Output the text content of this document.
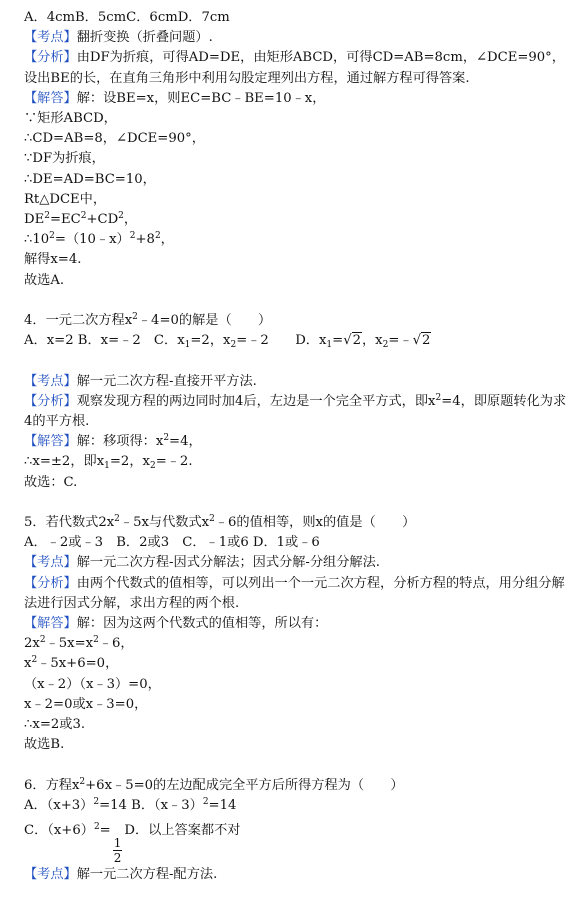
A．4cmB．5cmC．6cmD．7cm
【考点】翻折变换（折叠问题）.
【分析】由DF为折痕，可得AD=DE，由矩形ABCD，可得CD=AB=8cm，∠DCE=90°，设出BE的长，在直角三角形中利用勾股定理列出方程，通过解方程可得答案.
【解答】解：设BE=x，则EC=BC﹣BE=10﹣x，
∵矩形ABCD，
∴CD=AB=8，∠DCE=90°，
∵DF为折痕，
∴DE=AD=BC=10，
Rt△DCE中，
$DE^2=EC^2+CD^2$，
$\therefore 10^2=(10﹣x)^2+8^2$，
解得x=4.
故选A.
4．一元二次方程$x^2﹣4=0$的解是（　　）
A．x=2 B．x=﹣2　C．$x_1=2$，$x_2=﹣2$　　D．$x_1=√2$，$x_2=﹣√2$
【考点】解一元二次方程-直接开平方法.
【分析】观察发现方程的两边同时加4后，左边是一个完全平方式，即$x^2=4$，即原题转化为求4的平方根.
【解答】解：移项得：$x^2=4$，
∴x=±2，即$x_1=2$，$x_2=﹣2$.
故选：C.
5．若代数式$2x^2﹣5x$与代数式$x^2﹣6$的值相等，则x的值是（　　）
A．﹣2或﹣3　B．2或3　C．﹣1或6 D．1或﹣6
【考点】解一元二次方程-因式分解法；因式分解-分组分解法.
【分析】由两个代数式的值相等，可以列出一个一元二次方程，分析方程的特点，用分组分解法进行因式分解，求出方程的两个根.
【解答】解：因为这两个代数式的值相等，所以有：
$2x^2﹣5x=x^2﹣6$，
$x^2﹣5x+6=0$，
（x﹣2）（x﹣3）=0，
x﹣2=0或x﹣3=0，
∴x=2或3.
故选B.
6．方程$x^2+6x﹣5=0$的左边配成完全平方后所得方程为（　　）
A．$(x+3)^2=14$ B．（x﹣3）$^2$=14
C．$(x+6)^2=$
$\frac{1}{2}$
D．以上答案都不对
【考点】解一元二次方程-配方法.
